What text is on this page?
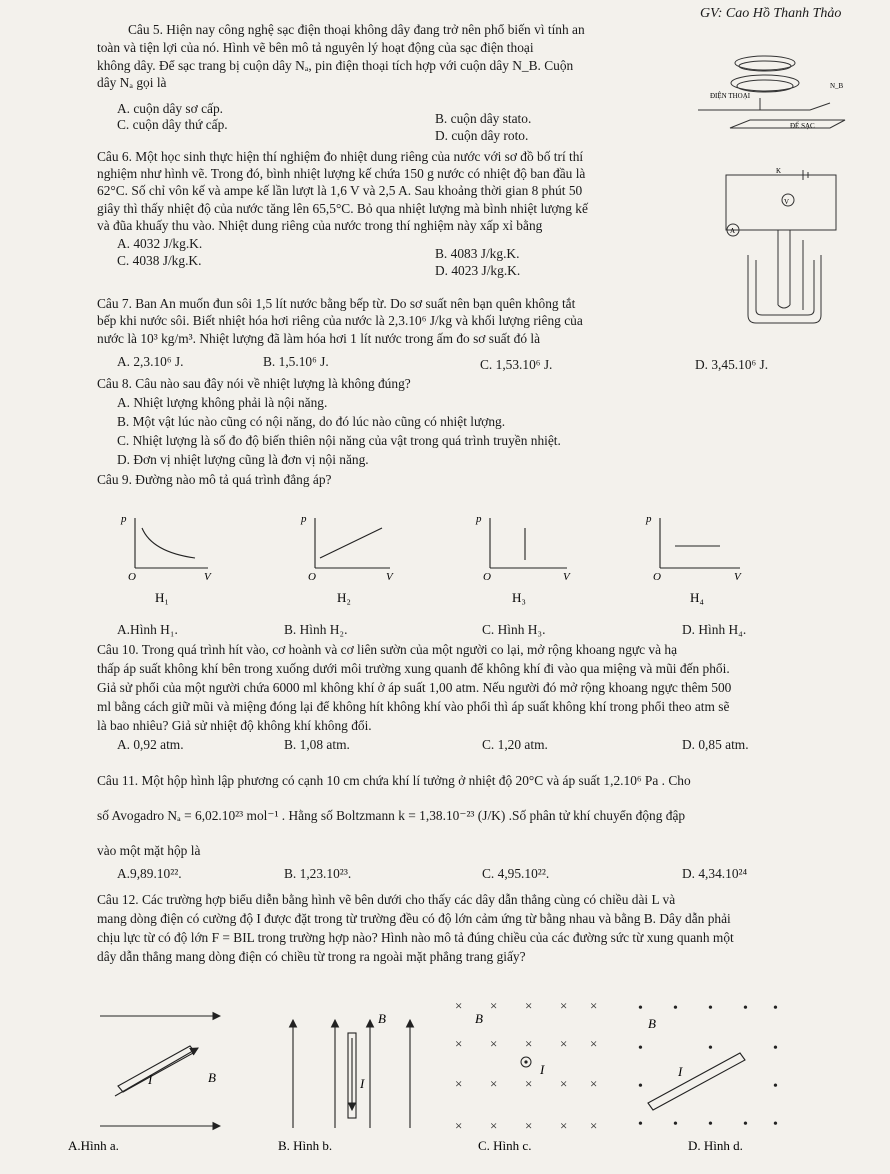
GV: Cao Hồ Thanh Thảo
Câu 5. Hiện nay công nghệ sạc điện thoại không dây đang trở nên phổ biến vì tính an
toàn và tiện lợi của nó. Hình vẽ bên mô tả nguyên lý hoạt động của sạc điện thoại
không dây. Để sạc trang bị cuộn dây Nₐ, pin điện thoại tích hợp với cuộn dây N_B. Cuộn
dây Nₐ gọi là
A. cuộn dây sơ cấp.
B. cuộn dây stato.
C. cuộn dây thứ cấp.
D. cuộn dây roto.
ĐIỆN THOẠI
ĐẾ SẠC
N_B
Câu 6. Một học sinh thực hiện thí nghiệm đo nhiệt dung riêng của nước với sơ đồ bố trí thí
nghiệm như hình vẽ. Trong đó, bình nhiệt lượng kế chứa 150 g nước có nhiệt độ ban đầu là
62°C. Số chỉ vôn kế và ampe kế lần lượt là 1,6 V và 2,5 A. Sau khoảng thời gian 8 phút 50
giây thì thấy nhiệt độ của nước tăng lên 65,5°C. Bỏ qua nhiệt lượng mà bình nhiệt lượng kế
và đũa khuấy thu vào. Nhiệt dung riêng của nước trong thí nghiệm này xấp xỉ bằng
A. 4032 J/kg.K.
B. 4083 J/kg.K.
C. 4038 J/kg.K.
D. 4023 J/kg.K.
V
A
K
Câu 7. Ban An muốn đun sôi 1,5 lít nước bằng bếp từ. Do sơ suất nên bạn quên không tắt
bếp khi nước sôi. Biết nhiệt hóa hơi riêng của nước là 2,3.10⁶ J/kg và khối lượng riêng của
nước là 10³ kg/m³. Nhiệt lượng đã làm hóa hơi 1 lít nước trong ấm đo sơ suất đó là
A. 2,3.10⁶ J.	B. 1,5.10⁶ J.	C. 1,53.10⁶ J.	D. 3,45.10⁶ J.
Câu 8. Câu nào sau đây nói về nhiệt lượng là không đúng?
A. Nhiệt lượng không phải là nội năng.
B. Một vật lúc nào cũng có nội năng, do đó lúc nào cũng có nhiệt lượng.
C. Nhiệt lượng là số đo độ biến thiên nội năng của vật trong quá trình truyền nhiệt.
D. Đơn vị nhiệt lượng cũng là đơn vị nội năng.
Câu 9. Đường nào mô tả quá trình đẳng áp?
p
O	V
p
O	V
p
O	V
p
O	V
H₁	H₂	H₃	H₄
A.Hình H₁.	B. Hình H₂.	C. Hình H₃.	D. Hình H₄.
Câu 10. Trong quá trình hít vào, cơ hoành và cơ liên sườn của một người co lại, mở rộng khoang ngực và hạ
thấp áp suất không khí bên trong xuống dưới môi trường xung quanh để không khí đi vào qua miệng và mũi đến phổi.
Giả sử phổi của một người chứa 6000 ml không khí ở áp suất 1,00 atm. Nếu người đó mở rộng khoang ngực thêm 500
ml bằng cách giữ mũi và miệng đóng lại để không hít không khí vào phổi thì áp suất không khí trong phổi theo atm sẽ
là bao nhiêu? Giả sử nhiệt độ không khí không đổi.
A. 0,92 atm.	B. 1,08 atm.	C. 1,20 atm.	D. 0,85 atm.
Câu 11. Một hộp hình lập phương có cạnh 10 cm chứa khí lí tưởng ở nhiệt độ 20°C và áp suất 1,2.10⁶ Pa . Cho
số Avogadro Nₐ = 6,02.10²³ mol⁻¹ . Hằng số Boltzmann k = 1,38.10⁻²³ (J/K) .Số phân tử khí chuyển động đập
vào một mặt hộp là
A.9,89.10²².	B. 1,23.10²³.	C. 4,95.10²².	D. 4,34.10²⁴
Câu 12. Các trường hợp biểu diễn bằng hình vẽ bên dưới cho thấy các dây dẫn thẳng cùng có chiều dài L và
mang dòng điện có cường độ I được đặt trong từ trường đều có độ lớn cảm ứng từ bằng nhau và bằng B. Dây dẫn phải
chịu lực từ có độ lớn F = BIL trong trường hợp nào? Hình nào mô tả đúng chiều của các đường sức từ xung quanh một
dây dẫn thẳng mang dòng điện có chiều từ trong ra ngoài mặt phẳng trang giấy?
I	B	I
B	B
I
B
I
× × × × ×
× × × × ×
× × × × ×
× × × × ×
• • • • •
•	•	•
•	•
• • • • •
A.Hình a.	B. Hình b.	C. Hình c.	D. Hình d.
